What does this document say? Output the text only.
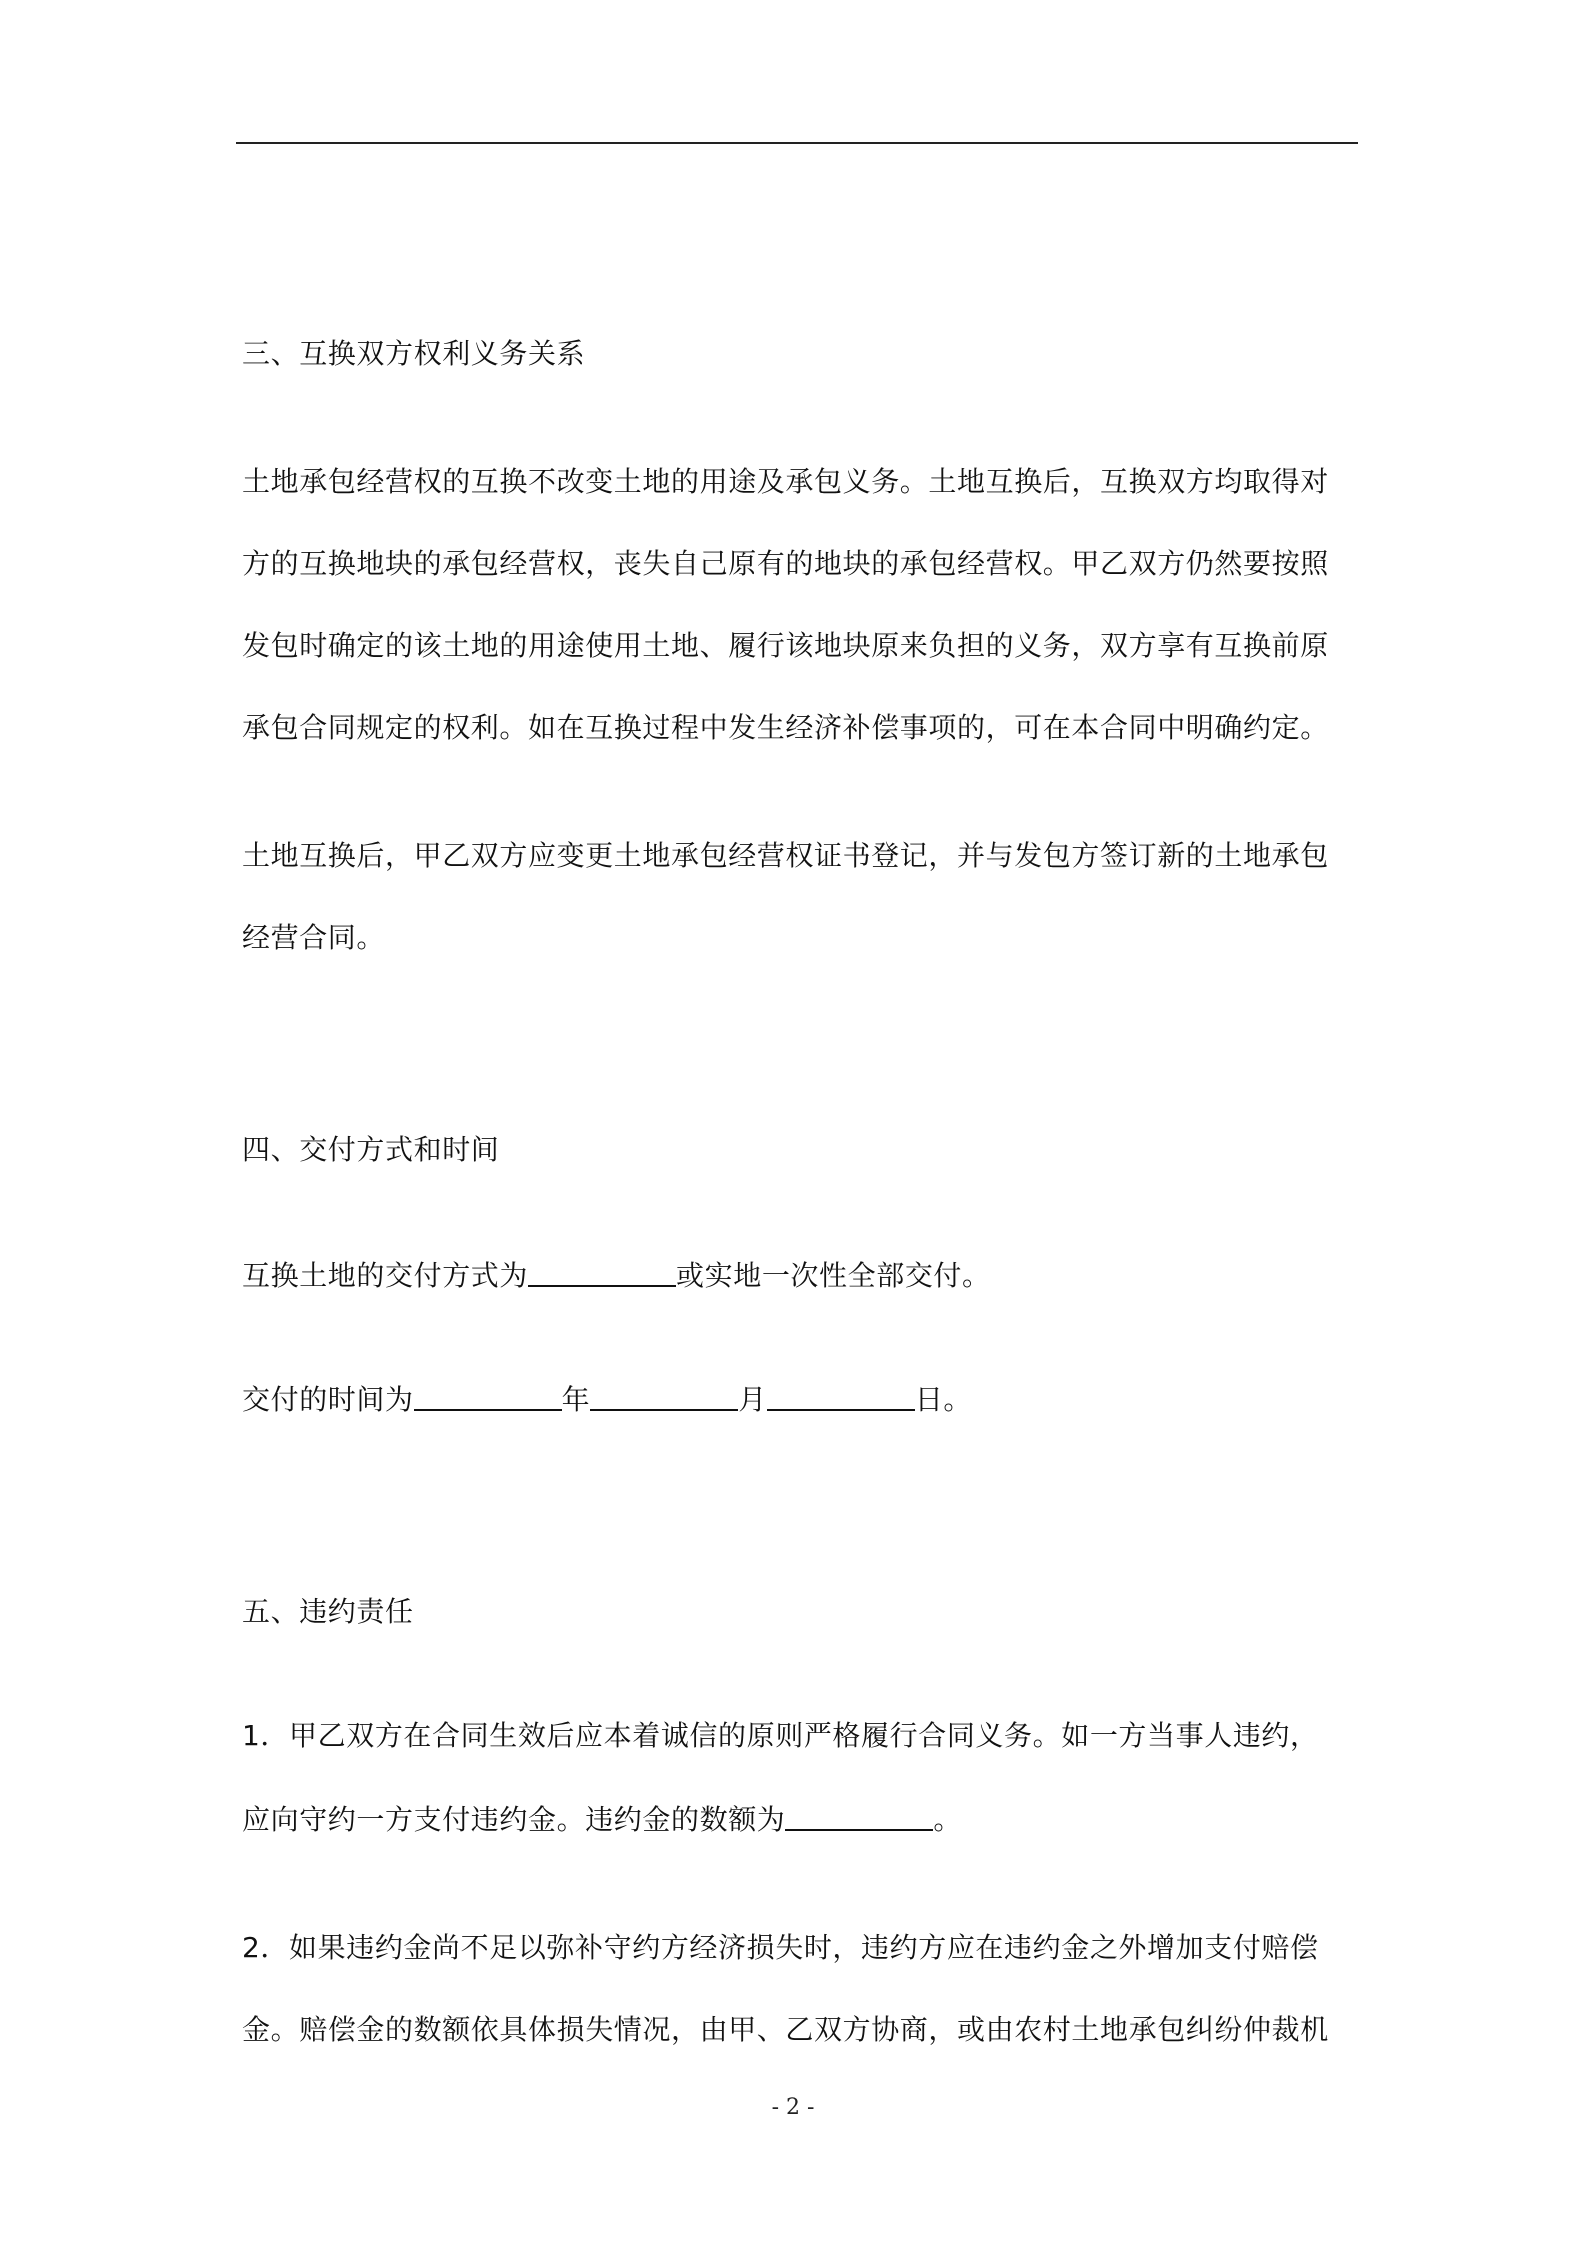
三、互换双方权利义务关系
土地承包经营权的互换不改变土地的用途及承包义务。土地互换后，互换双方均取得对
方的互换地块的承包经营权，丧失自己原有的地块的承包经营权。甲乙双方仍然要按照
发包时确定的该土地的用途使用土地、履行该地块原来负担的义务，双方享有互换前原
承包合同规定的权利。如在互换过程中发生经济补偿事项的，可在本合同中明确约定。
土地互换后，甲乙双方应变更土地承包经营权证书登记，并与发包方签订新的土地承包
经营合同。
四、交付方式和时间
互换土地的交付方式为	或实地一次性全部交付。
交付的时间为	年	月	日。
五、违约责任
1．甲乙双方在合同生效后应本着诚信的原则严格履行合同义务。如一方当事人违约，
应向守约一方支付违约金。违约金的数额为	。
2．如果违约金尚不足以弥补守约方经济损失时，违约方应在违约金之外增加支付赔偿
金。赔偿金的数额依具体损失情况，由甲、乙双方协商，或由农村土地承包纠纷仲裁机
- 2 -
